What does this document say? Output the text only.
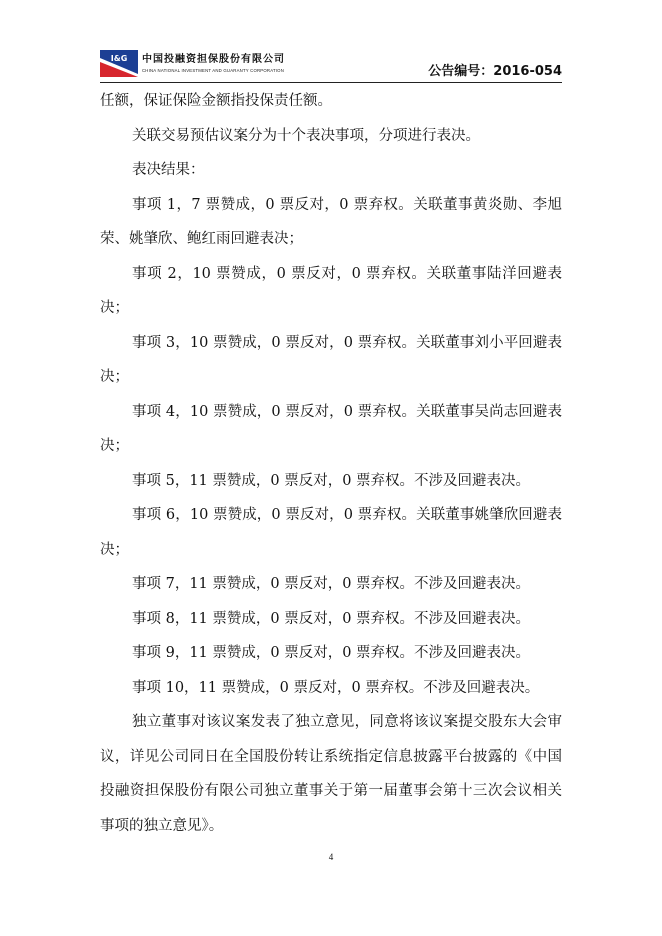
I&G 中国投融资担保股份有限公司
CHINA NATIONAL INVESTMENT AND GUARANTY CORPORATION	公告编号：2016-054

任额，保证保险金额指投保责任额。

关联交易预估议案分为十个表决事项，分项进行表决。

表决结果：

事项 1，7 票赞成，0 票反对，0 票弃权。关联董事黄炎勋、李旭荣、姚肇欣、鲍红雨回避表决；

事项 2，10 票赞成，0 票反对，0 票弃权。关联董事陆洋回避表决；

事项 3，10 票赞成，0 票反对，0 票弃权。关联董事刘小平回避表决；

事项 4，10 票赞成，0 票反对，0 票弃权。关联董事吴尚志回避表决；

事项 5，11 票赞成，0 票反对，0 票弃权。不涉及回避表决。

事项 6，10 票赞成，0 票反对，0 票弃权。关联董事姚肇欣回避表决；

事项 7，11 票赞成，0 票反对，0 票弃权。不涉及回避表决。

事项 8，11 票赞成，0 票反对，0 票弃权。不涉及回避表决。

事项 9，11 票赞成，0 票反对，0 票弃权。不涉及回避表决。

事项 10，11 票赞成，0 票反对，0 票弃权。不涉及回避表决。

独立董事对该议案发表了独立意见，同意将该议案提交股东大会审议，详见公司同日在全国股份转让系统指定信息披露平台披露的《中国投融资担保股份有限公司独立董事关于第一届董事会第十三次会议相关事项的独立意见》。

4
